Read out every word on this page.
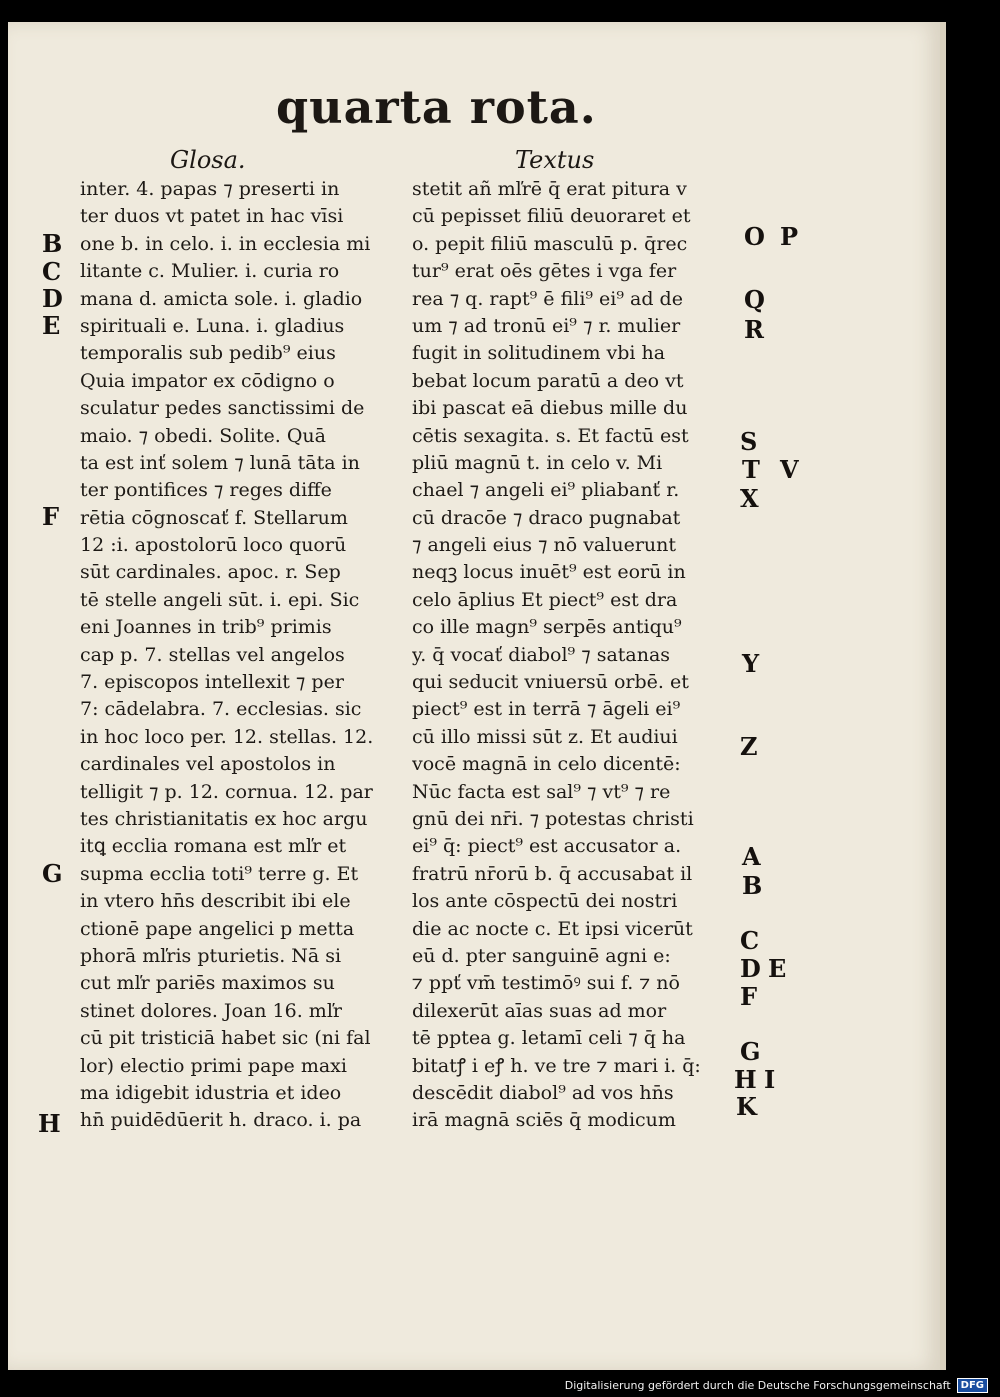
quarta rota.
Glosa.	Textus
inter. 4. papas ⁊ preserti in
ter duos vt patet in hac vīsi
one b. in celo. i. in ecclesia mi
litante c. Mulier. i. curia ro
mana d. amicta sole. i. gladio
spirituali e. Luna. i. gladius
temporalis sub pedib⁹ eius
Quia impator ex cōdigno o
sculatur pedes sanctissimi de
maio. ⁊ obedi. Solite. Quā
ta est inť solem ⁊ lunā tāta in
ter pontifices ⁊ reges diffe
rētia cōgnoscať f. Stellarum
12 :i. apostolorū loco quorū
sūt cardinales. apoc. r. Sep
tē stelle angeli sūt. i. epi. Sic
eni Joannes in trib⁹ primis
cap p. 7. stellas vel angelos
7. episcopos intellexit ⁊ per
7: cādelabra. 7. ecclesias. sic
in hoc loco per. 12. stellas. 12.
cardinales vel apostolos in
telligit ⁊ p. 12. cornua. 12. par
tes christianitatis ex hoc argu
itꝗ ecclia romana est mľr et
supma ecclia toti⁹ terre g. Et
in vtero hn̄s describit ibi ele
ctionē pape angelici p metta
phorā mľris pturietis. Nā si
cut mľr pariēs maximos su
stinet dolores. Joan 16. mľr
cū pit tristiciā habet sic (ni fal
lor) electio primi pape maxi
ma idigebit idustria et ideo
hn̄ puidēdūerit h. draco. i. pa
stetit añ mľrē q̄ erat pitura v
cū pepisset filiū deuoraret et
o. pepit filiū masculū p. q̄rec
tur⁹ erat oēs gētes i vga fer
rea ⁊ q. rapt⁹ ē fili⁹ ei⁹ ad de
um ⁊ ad tronū ei⁹ ⁊ r. mulier
fugit in solitudinem vbi ha
bebat locum paratū a deo vt
ibi pascat eā diebus mille du
cētis sexagita. s. Et factū est
pliū magnū t. in celo v. Mi
chael ⁊ angeli ei⁹ pliabanť r.
cū dracōe ⁊ draco pugnabat
⁊ angeli eius ⁊ nō valuerunt
neqꝫ locus inuēt⁹ est eorū in
celo āplius Et piect⁹ est dra
co ille magn⁹ serpēs antiqu⁹
y. q̄ vocať diabol⁹ ⁊ satanas
qui seducit vniuersū orbē. et
piect⁹ est in terrā ⁊ āgeli ei⁹
cū illo missi sūt z. Et audiui
vocē magnā in celo dicentē:
Nūc facta est sal⁹ ⁊ vt⁹ ⁊ re
gnū dei nr̄i. ⁊ potestas christi
ei⁹ q̄: piect⁹ est accusator a.
fratrū nr̄orū b. q̄ accusabat il
los ante cōspectū dei nostri
die ac nocte c. Et ipsi vicerūt
eū d. pter sanguinē agni e:
⁊ ppť vm̄ testimōꝰ sui f. ⁊ nō
dilexerūt aīas suas ad mor
tē pptea g. letamī celi ⁊ q̄ ha
bitatꝭ i eꝭ h. ve tre ⁊ mari i. q̄:
descēdit diabol⁹ ad vos hn̄s
irā magnā sciēs q̄ modicum
B
C
D
E
F
G
H
O P
Q
R
S
T V
X
Y
Z
A
B
C
D E
F
G
H I
K
Digitalisierung gefördert durch die Deutsche Forschungsgemeinschaft	DFG
